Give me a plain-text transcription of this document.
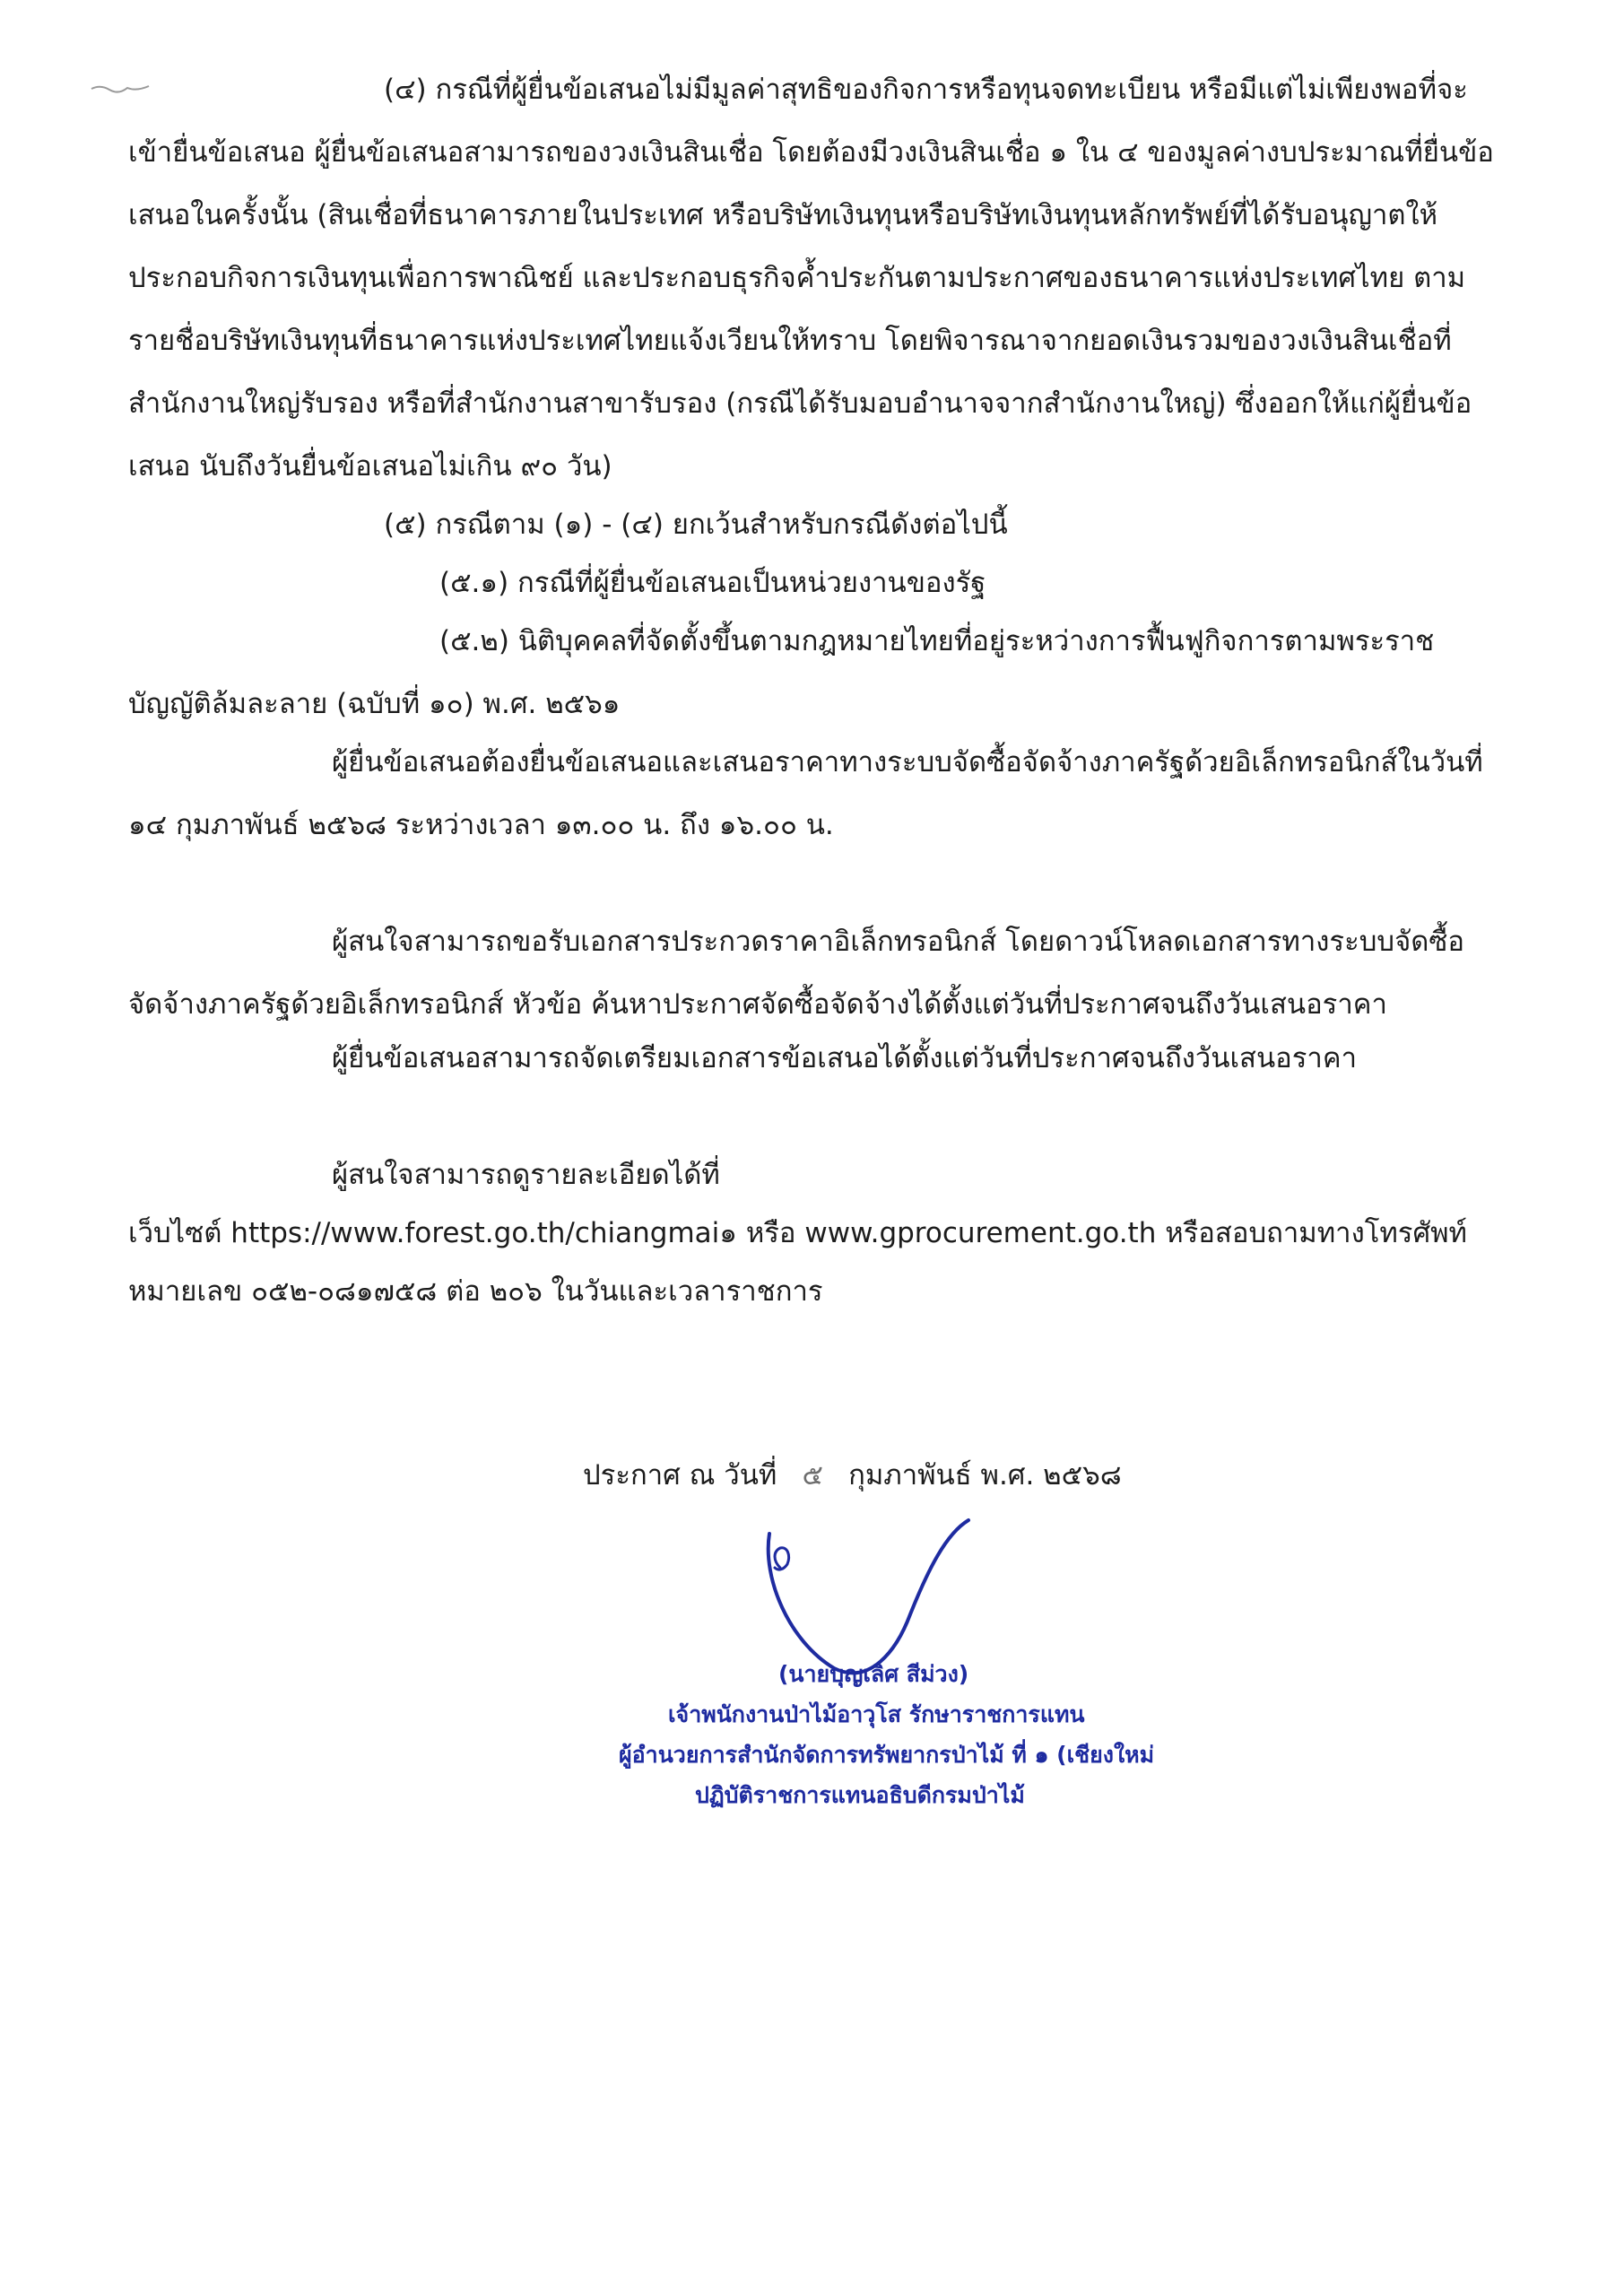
(๔) กรณีที่ผู้ยื่นข้อเสนอไม่มีมูลค่าสุทธิของกิจการหรือทุนจดทะเบียน หรือมีแต่ไม่เพียงพอที่จะ
เข้ายื่นข้อเสนอ ผู้ยื่นข้อเสนอสามารถของวงเงินสินเชื่อ โดยต้องมีวงเงินสินเชื่อ ๑ ใน ๔ ของมูลค่างบประมาณที่ยื่นข้อ
เสนอในครั้งนั้น (สินเชื่อที่ธนาคารภายในประเทศ หรือบริษัทเงินทุนหรือบริษัทเงินทุนหลักทรัพย์ที่ได้รับอนุญาตให้
ประกอบกิจการเงินทุนเพื่อการพาณิชย์ และประกอบธุรกิจค้ำประกันตามประกาศของธนาคารแห่งประเทศไทย ตาม
รายชื่อบริษัทเงินทุนที่ธนาคารแห่งประเทศไทยแจ้งเวียนให้ทราบ โดยพิจารณาจากยอดเงินรวมของวงเงินสินเชื่อที่
สำนักงานใหญ่รับรอง หรือที่สำนักงานสาขารับรอง (กรณีได้รับมอบอำนาจจากสำนักงานใหญ่) ซึ่งออกให้แก่ผู้ยื่นข้อ
เสนอ นับถึงวันยื่นข้อเสนอไม่เกิน ๙๐ วัน)
(๕) กรณีตาม (๑) - (๔) ยกเว้นสำหรับกรณีดังต่อไปนี้
(๕.๑) กรณีที่ผู้ยื่นข้อเสนอเป็นหน่วยงานของรัฐ
(๕.๒) นิติบุคคลที่จัดตั้งขึ้นตามกฎหมายไทยที่อยู่ระหว่างการฟื้นฟูกิจการตามพระราช
บัญญัติล้มละลาย (ฉบับที่ ๑๐) พ.ศ. ๒๕๖๑
ผู้ยื่นข้อเสนอต้องยื่นข้อเสนอและเสนอราคาทางระบบจัดซื้อจัดจ้างภาครัฐด้วยอิเล็กทรอนิกส์ในวันที่
๑๔ กุมภาพันธ์ ๒๕๖๘ ระหว่างเวลา ๑๓.๐๐ น. ถึง ๑๖.๐๐ น.
ผู้สนใจสามารถขอรับเอกสารประกวดราคาอิเล็กทรอนิกส์ โดยดาวน์โหลดเอกสารทางระบบจัดซื้อ
จัดจ้างภาครัฐด้วยอิเล็กทรอนิกส์ หัวข้อ ค้นหาประกาศจัดซื้อจัดจ้างได้ตั้งแต่วันที่ประกาศจนถึงวันเสนอราคา
ผู้ยื่นข้อเสนอสามารถจัดเตรียมเอกสารข้อเสนอได้ตั้งแต่วันที่ประกาศจนถึงวันเสนอราคา
ผู้สนใจสามารถดูรายละเอียดได้ที่
เว็บไซต์ https://www.forest.go.th/chiangmai๑ หรือ www.gprocurement.go.th หรือสอบถามทางโทรศัพท์
หมายเลข ๐๕๒-๐๘๑๗๕๘ ต่อ ๒๐๖ ในวันและเวลาราชการ
ประกาศ ณ วันที่ ๕ กุมภาพันธ์ พ.ศ. ๒๕๖๘
(นายบุญเลิศ สีม่วง)
เจ้าพนักงานป่าไม้อาวุโส รักษาราชการแทน
ผู้อำนวยการสำนักจัดการทรัพยากรป่าไม้ ที่ ๑ (เชียงใหม่
ปฏิบัติราชการแทนอธิบดีกรมป่าไม้
